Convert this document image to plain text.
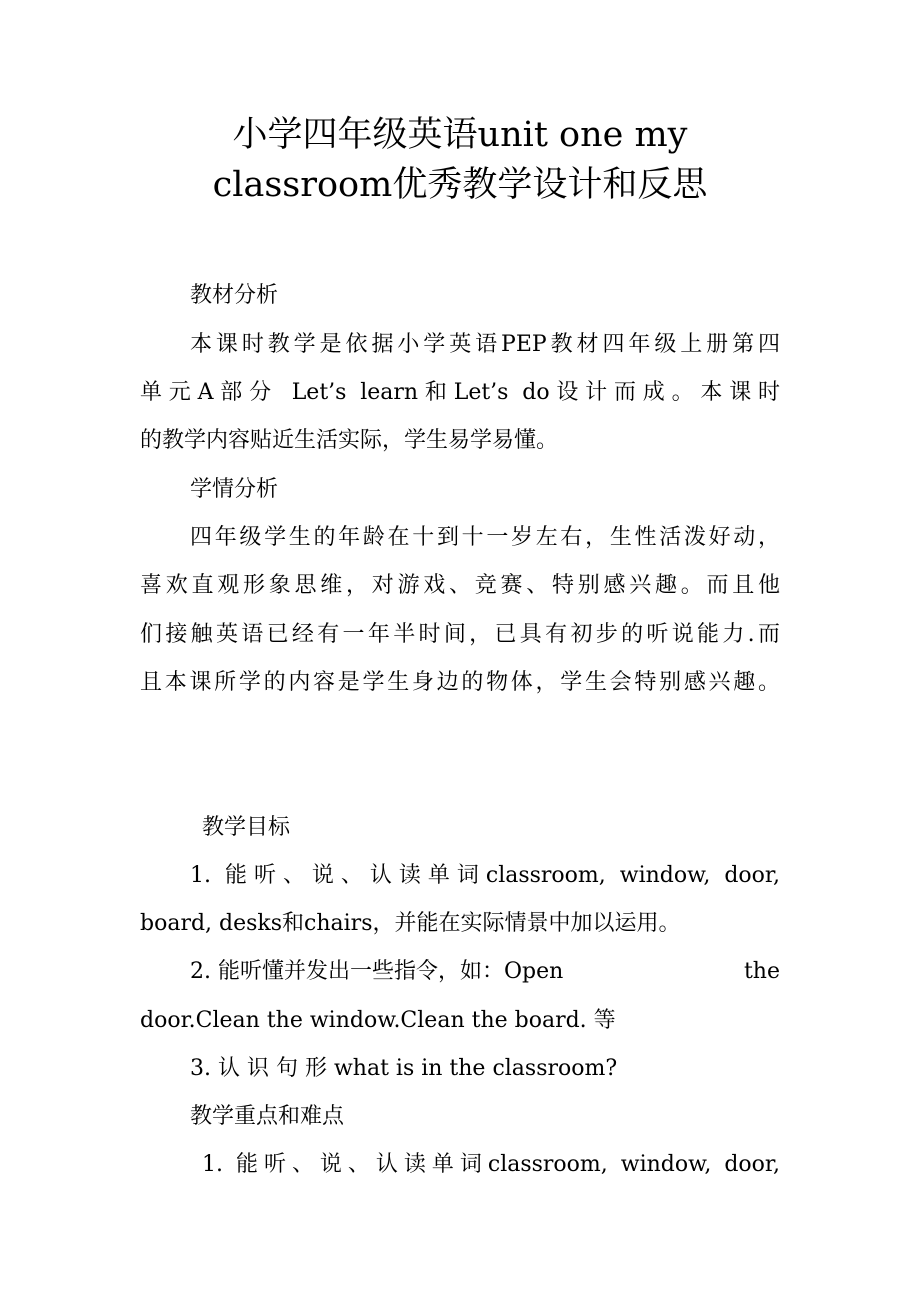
小学四年级英语unit one my
classroom优秀教学设计和反思
教材分析
本课时教学是依据小学英语PEP教材四年级上册第四
单元A部分 Let’s learn和Let’s do设计而成。本课时
的教学内容贴近生活实际，学生易学易懂。
学情分析
四年级学生的年龄在十到十一岁左右，生性活泼好动，
喜欢直观形象思维，对游戏、竞赛、特别感兴趣。而且他
们接触英语已经有一年半时间，已具有初步的听说能力.而
且本课所学的内容是学生身边的物体，学生会特别感兴趣。
教学目标
1. 能听、说、认读单词classroom, window, door,
board, desks和chairs，并能在实际情景中加以运用。
2. 能听懂并发出一些指令，如：Open	the
door.Clean the window.Clean the board. 等
3. 认 识 句 形 what is in the classroom?
教学重点和难点
1. 能听、说、认读单词classroom, window, door,
